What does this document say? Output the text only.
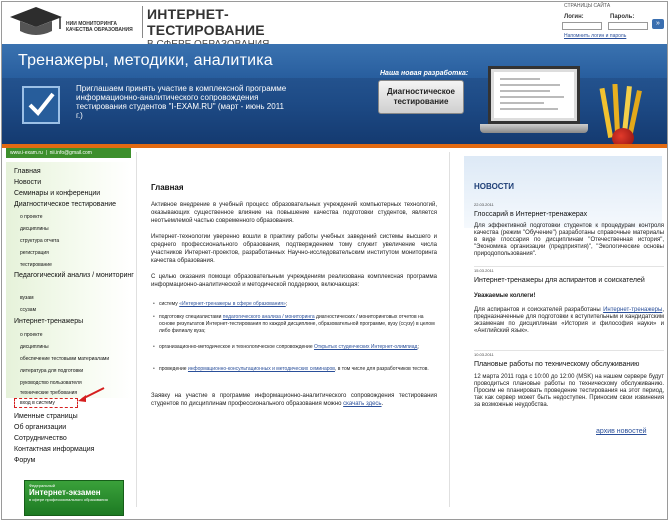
НИИ МОНИТОРИНГА КАЧЕСТВА ОБРАЗОВАНИЯ
ИНТЕРНЕТ-ТЕСТИРОВАНИЕ
СТРАНИЦЫ САЙТА
Логин:	Пароль:
»
Напомнить логин и пароль
Тренажеры, методики, аналитика
Приглашаем принять участие в комплексной программе информационно-аналитического сопровождения тестирования студентов "I-EXAM.RU" (март - июнь 2011 г.)
Наша новая разработка:
Диагностическое тестирование
www.i-exam.ru  |  nii.info@gmail.com
Главная
Новости
Семинары и конференции
Диагностическое тестирование
о проекте
дисциплины
структура отчета
регистрация
тестирование
Педагогический анализ / мониторинг
вузам
ссузам
Интернет-тренажеры
о проекте
дисциплины
обеспечение тестовыми материалами
литература для подготовки
руководство пользователя
технические требования
вход в систему
Именные страницы
Об организации
Сотрудничество
Контактная информация
Форум
Федеральный
Интернет-экзамен
в сфере профессионального образования
Главная
Активное внедрение в учебный процесс образовательных учреждений компьютерных технологий, оказывающих существенное влияние на повышение качества подготовки студентов, является неотъемлемой частью современного образования.
Интернет-технологии уверенно вошли в практику работы учебных заведений системы высшего и среднего профессионального образования, подтверждением тому служит увеличение числа участников Интернет-проектов, разработанных Научно-исследовательским институтом мониторинга качества образования.
С целью оказания помощи образовательным учреждениям реализована комплексная программа информационно-аналитической и методической поддержки, включающая:
• систему «Интернет-тренажеры в сфере образования»;
• подготовку специалистами педагогического анализа / мониторинга диагностических / мониторинговых отчетов на основе результатов Интернет-тестирования по каждой дисциплине, образовательной программе, вузу (ссузу) в целом либо филиалу вуза;
• организационно-методическое и технологическое сопровождение Открытых студенческих Интернет-олимпиад;
• проведение информационно-консультационных и методических семинаров, в том числе для разработчиков тестов.
Заявку на участие в программе информационно-аналитического сопровождения тестирования студентов по дисциплинам профессионального образования можно скачать здесь.
НОВОСТИ
22.03.2011
Глоссарий в Интернет-тренажерах
Для эффективной подготовки студентов к процедурам контроля качества (режим "Обучение") разработаны справочные материалы в виде глоссария по дисциплинам "Отечественная история", "Экономика организации (предприятия)", "Экологические основы природопользования".
15.03.2011
Интернет-тренажеры для аспирантов и соискателей
Уважаемые коллеги!
Для аспирантов и соискателей разработаны Интернет-тренажеры, предназначенные для подготовки к вступительным и кандидатским экзаменам по дисциплинам «История и философия науки» и «Английский язык».
10.03.2011
Плановые работы по техническому обслуживанию
12 марта 2011 года с 10:00 до 12:00 (MSK) на нашем сервере будут проводиться плановые работы по техническому обслуживанию. Просим не планировать проведение тестирования на этот период, так как сервер может быть недоступен. Приносим свои извинения за возможные неудобства.
архив новостей
